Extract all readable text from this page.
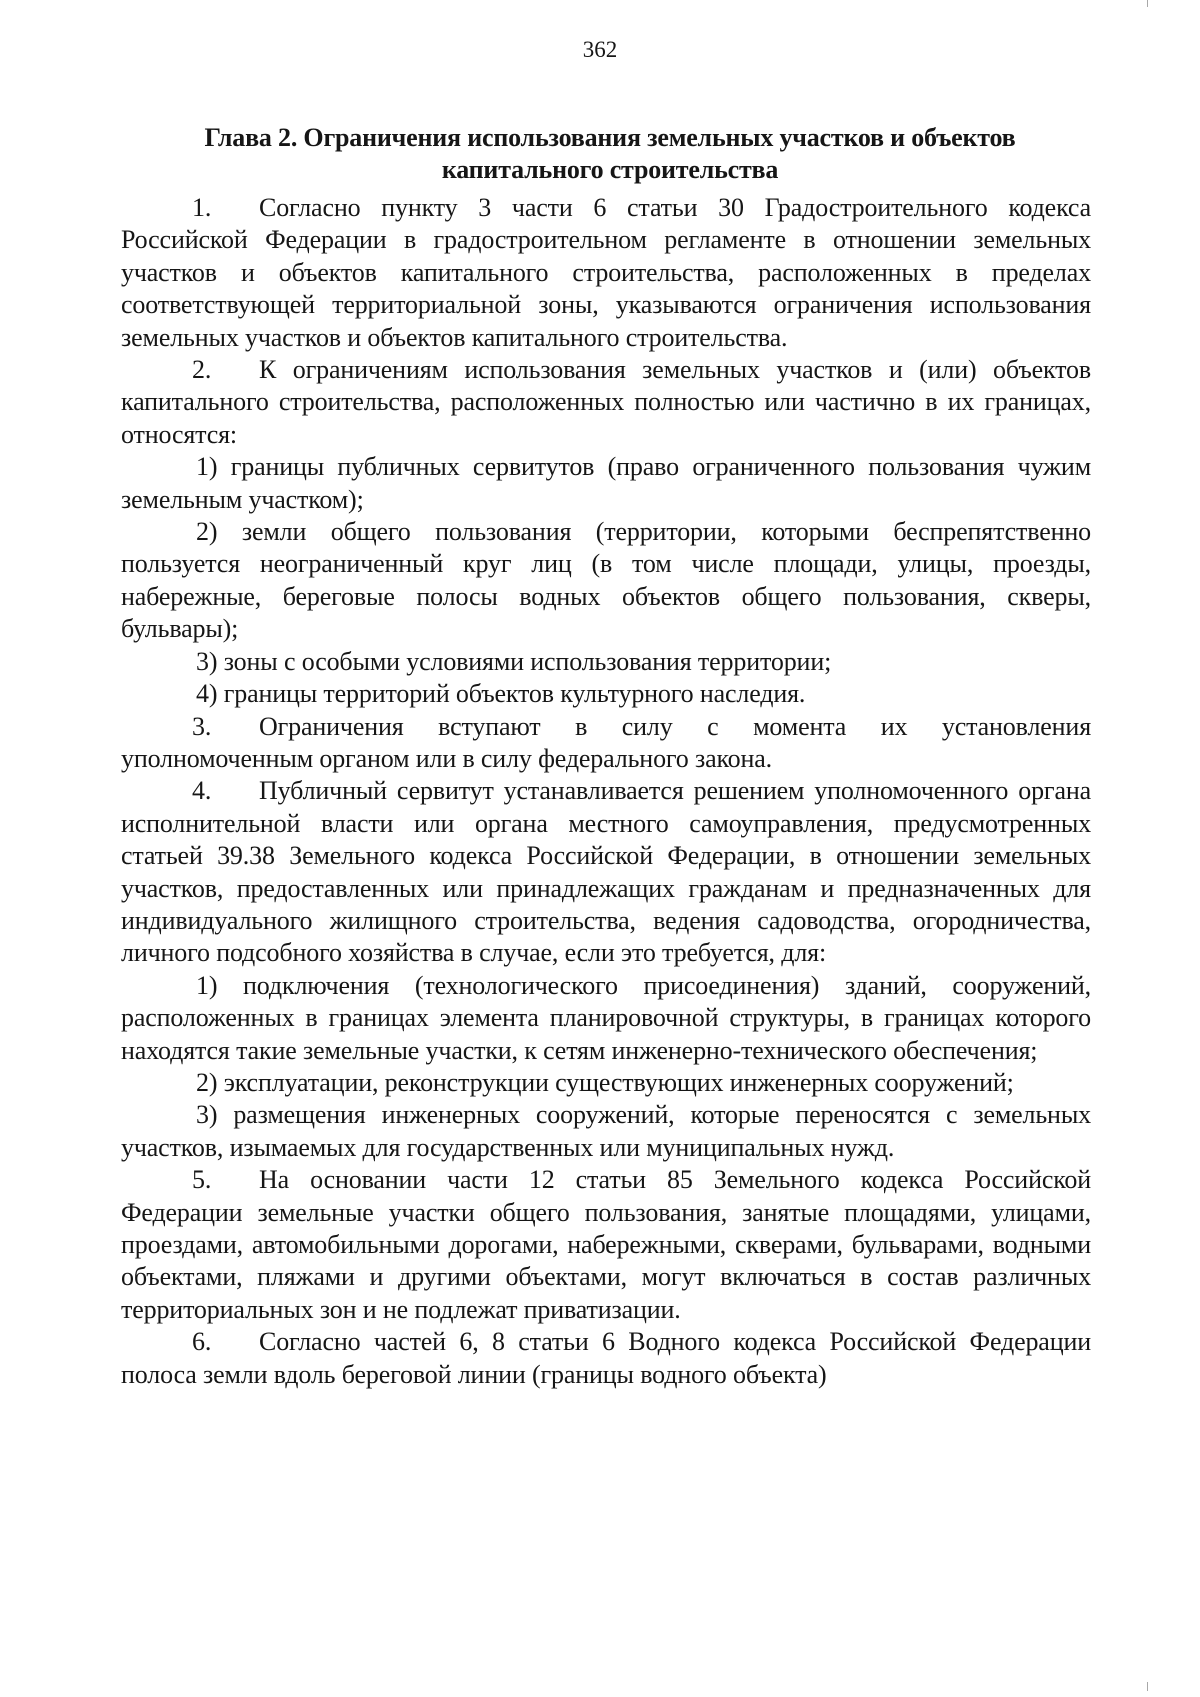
362
Глава 2. Ограничения использования земельных участков и объектов капитального строительства

1. Согласно пункту 3 части 6 статьи 30 Градостроительного кодекса Российской Федерации в градостроительном регламенте в отношении земельных участков и объектов капитального строительства, расположенных в пределах соответствующей территориальной зоны, указываются ограничения использования земельных участков и объектов капитального строительства.

2. К ограничениям использования земельных участков и (или) объектов капитального строительства, расположенных полностью или частично в их границах, относятся:

1) границы публичных сервитутов (право ограниченного пользования чужим земельным участком);

2) земли общего пользования (территории, которыми беспрепятственно пользуется неограниченный круг лиц (в том числе площади, улицы, проезды, набережные, береговые полосы водных объектов общего пользования, скверы, бульвары);

3) зоны с особыми условиями использования территории;

4) границы территорий объектов культурного наследия.

3. Ограничения вступают в силу с момента их установления уполномоченным органом или в силу федерального закона.

4. Публичный сервитут устанавливается решением уполномоченного органа исполнительной власти или органа местного самоуправления, предусмотренных статьей 39.38 Земельного кодекса Российской Федерации, в отношении земельных участков, предоставленных или принадлежащих гражданам и предназначенных для индивидуального жилищного строительства, ведения садоводства, огородничества, личного подсобного хозяйства в случае, если это требуется, для:

1) подключения (технологического присоединения) зданий, сооружений, расположенных в границах элемента планировочной структуры, в границах которого находятся такие земельные участки, к сетям инженерно-технического обеспечения;

2) эксплуатации, реконструкции существующих инженерных сооружений;

3) размещения инженерных сооружений, которые переносятся с земельных участков, изымаемых для государственных или муниципальных нужд.

5. На основании части 12 статьи 85 Земельного кодекса Российской Федерации земельные участки общего пользования, занятые площадями, улицами, проездами, автомобильными дорогами, набережными, скверами, бульварами, водными объектами, пляжами и другими объектами, могут включаться в состав различных территориальных зон и не подлежат приватизации.

6. Согласно частей 6, 8 статьи 6 Водного кодекса Российской Федерации полоса земли вдоль береговой линии (границы водного объекта)
